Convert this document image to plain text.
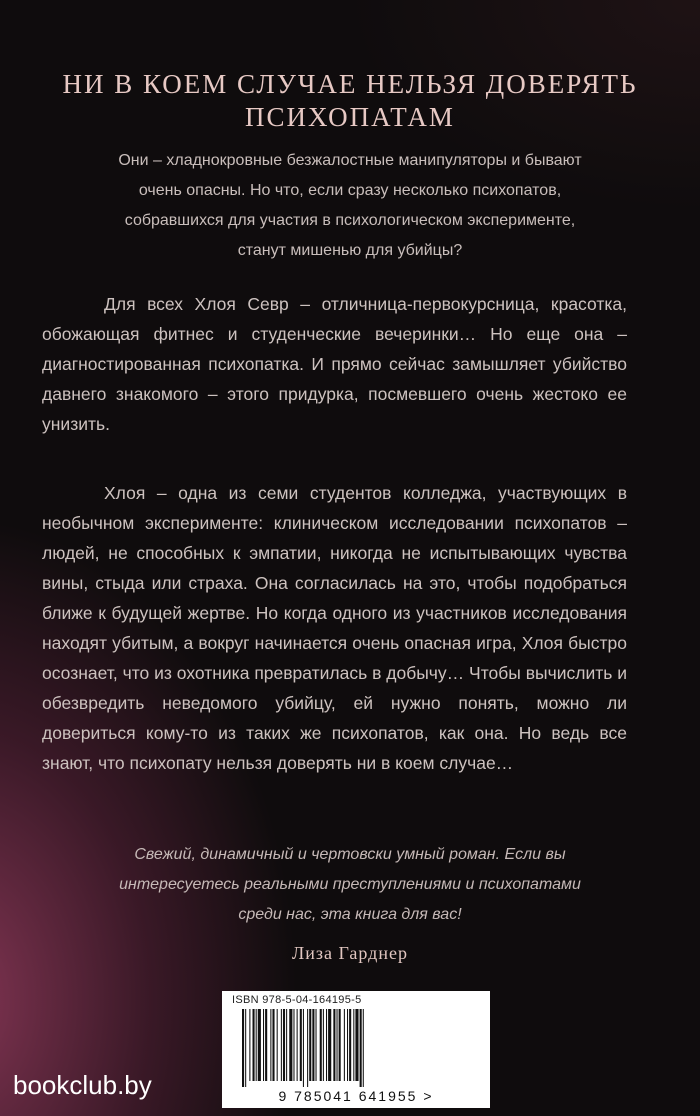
НИ В КОЕМ СЛУЧАЕ НЕЛЬЗЯ ДОВЕРЯТЬ
ПСИХОПАТАМ
Они – хладнокровные безжалостные манипуляторы и бывают
очень опасны. Но что, если сразу несколько психопатов,
собравшихся для участия в психологическом эксперименте,
станут мишенью для убийцы?
Для всех Хлоя Севр – отличница-первокурсница, красотка, обожающая фитнес и студенческие вечеринки… Но еще она – диагностированная психопатка. И прямо сейчас замышляет убийство давнего знакомого – этого придурка, посмевшего очень жестоко ее унизить.
Хлоя – одна из семи студентов колледжа, участвующих в необычном эксперименте: клиническом исследовании психопатов – людей, не способных к эмпатии, никогда не испытывающих чувства вины, стыда или страха. Она согласилась на это, чтобы подобраться ближе к будущей жертве. Но когда одного из участников исследования находят убитым, а вокруг начинается очень опасная игра, Хлоя быстро осознает, что из охотника превратилась в добычу… Чтобы вычислить и обезвредить неведомого убийцу, ей нужно понять, можно ли довериться кому-то из таких же психопатов, как она. Но ведь все знают, что психопату нельзя доверять ни в коем случае…
Свежий, динамичный и чертовски умный роман. Если вы
интересуетесь реальными преступлениями и психопатами
среди нас, эта книга для вас!
Лиза Гарднер
ISBN 978-5-04-164195-5
9 785041 641955 >
bookclub.by
